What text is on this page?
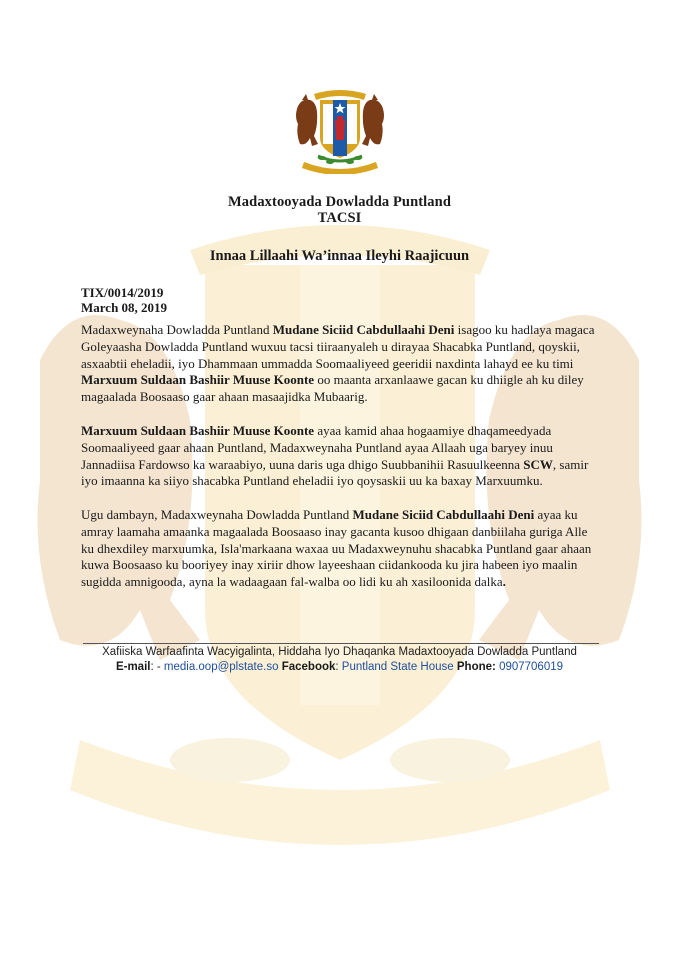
Madaxtooyada Dowladda Puntland
TACSI
Innaa Lillaahi Wa’innaa Ileyhi Raajicuun
TIX/0014/2019
March 08, 2019

Madaxweynaha Dowladda Puntland Mudane Siciid Cabdullaahi Deni isagoo ku hadlaya magaca Goleyaasha Dowladda Puntland wuxuu tacsi tiiraanyaleh u dirayaa Shacabka Puntland, qoyskii, asxaabtii eheladii, iyo Dhammaan ummadda Soomaaliyeed geeridii naxdinta lahayd ee ku timi Marxuum Suldaan Bashiir Muuse Koonte oo maanta arxanlaawe gacan ku dhiigle ah ku diley magaalada Boosaaso gaar ahaan masaajidka Mubaarig.

Marxuum Suldaan Bashiir Muuse Koonte ayaa kamid ahaa hogaamiye dhaqameedyada Soomaaliyeed gaar ahaan Puntland, Madaxweynaha Puntland ayaa Allaah uga baryey inuu Jannadiisa Fardowso ka waraabiyo, uuna daris uga dhigo Suubbanihii Rasuulkeenna SCW, samir iyo imaanna ka siiyo shacabka Puntland eheladii iyo qoysaskii uu ka baxay Marxuumku.

Ugu dambayn, Madaxweynaha Dowladda Puntland Mudane Siciid Cabdullaahi Deni ayaa ku amray laamaha amaanka magaalada Boosaaso inay gacanta kusoo dhigaan danbiilaha guriga Alle ku dhexdiley marxuumka, Isla'markaana waxaa uu Madaxweynuhu shacabka Puntland gaar ahaan kuwa Boosaaso ku booriyey inay xiriir dhow layeeshaan ciidankooda ku jira habeen iyo maalin sugidda amnigooda, ayna la wadaagaan fal-walba oo lidi ku ah xasiloonida dalka.

Xafiiska Warfaafinta Wacyigalinta, Hiddaha Iyo Dhaqanka Madaxtooyada Dowladda Puntland
E-mail: - media.oop@plstate.so Facebook: Puntland State House Phone: 0907706019
